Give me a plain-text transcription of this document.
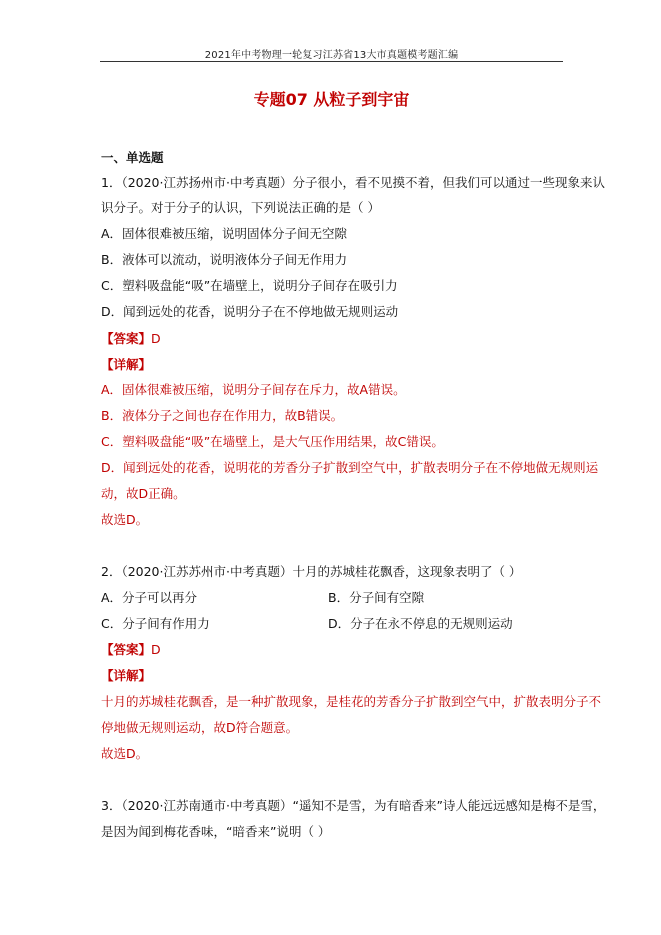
2021年中考物理一轮复习江苏省13大市真题模考题汇编
专题07 从粒子到宇宙
一、单选题
1．（2020·江苏扬州市·中考真题）分子很小，看不见摸不着，但我们可以通过一些现象来认
识分子。对于分子的认识，下列说法正确的是（ ）
A．固体很难被压缩，说明固体分子间无空隙
B．液体可以流动，说明液体分子间无作用力
C．塑料吸盘能“吸”在墙壁上，说明分子间存在吸引力
D．闻到远处的花香，说明分子在不停地做无规则运动
【答案】D
【详解】
A．固体很难被压缩，说明分子间存在斥力，故A错误。
B．液体分子之间也存在作用力，故B错误。
C．塑料吸盘能“吸”在墙壁上，是大气压作用结果，故C错误。
D．闻到远处的花香，说明花的芳香分子扩散到空气中，扩散表明分子在不停地做无规则运
动，故D正确。
故选D。
2．（2020·江苏苏州市·中考真题）十月的苏城桂花飘香，这现象表明了（ ）
A．分子可以再分	B．分子间有空隙
C．分子间有作用力	D．分子在永不停息的无规则运动
【答案】D
【详解】
十月的苏城桂花飘香，是一种扩散现象，是桂花的芳香分子扩散到空气中，扩散表明分子不
停地做无规则运动，故D符合题意。
故选D。
3．（2020·江苏南通市·中考真题）“遥知不是雪，为有暗香来”诗人能远远感知是梅不是雪，
是因为闻到梅花香味，“暗香来”说明（ ）
